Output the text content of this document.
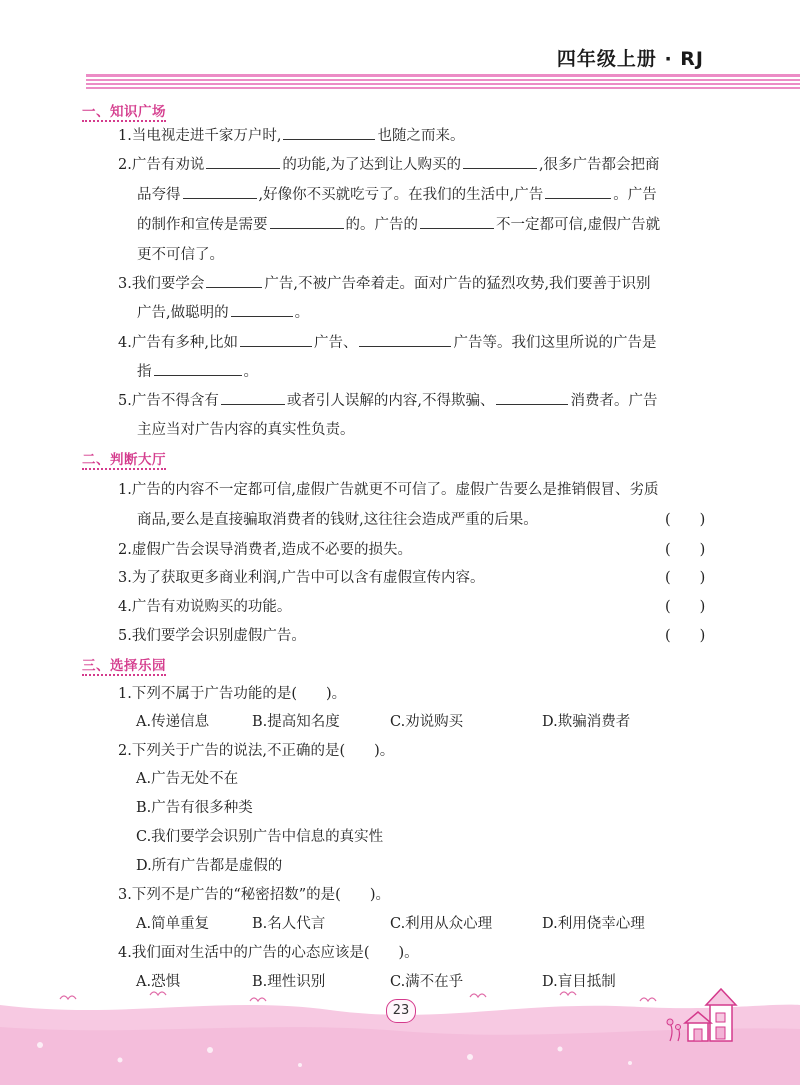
四年级上册 · RJ
一、知识广场
1.当电视走进千家万户时,	也随之而来。
2.广告有劝说	的功能,为了达到让人购买的	,很多广告都会把商
品夸得	,好像你不买就吃亏了。在我们的生活中,广告	。广告
的制作和宣传是需要	的。广告的	不一定都可信,虚假广告就
更不可信了。
3.我们要学会	广告,不被广告牵着走。面对广告的猛烈攻势,我们要善于识别
广告,做聪明的	。
4.广告有多种,比如	广告、	广告等。我们这里所说的广告是
指	。
5.广告不得含有	或者引人误解的内容,不得欺骗、	消费者。广告
主应当对广告内容的真实性负责。
二、判断大厅
1.广告的内容不一定都可信,虚假广告就更不可信了。虚假广告要么是推销假冒、劣质
商品,要么是直接骗取消费者的钱财,这往往会造成严重的后果。	(　　)
2.虚假广告会误导消费者,造成不必要的损失。	(　　)
3.为了获取更多商业利润,广告中可以含有虚假宣传内容。	(　　)
4.广告有劝说购买的功能。	(　　)
5.我们要学会识别虚假广告。	(　　)
三、选择乐园
1.下列不属于广告功能的是(　　)。
A.传递信息	B.提高知名度	C.劝说购买	D.欺骗消费者
2.下列关于广告的说法,不正确的是(　　)。
A.广告无处不在
B.广告有很多种类
C.我们要学会识别广告中信息的真实性
D.所有广告都是虚假的
3.下列不是广告的“秘密招数”的是(　　)。
A.简单重复	B.名人代言	C.利用从众心理	D.利用侥幸心理
4.我们面对生活中的广告的心态应该是(　　)。
A.恐惧	B.理性识别	C.满不在乎	D.盲目抵制
23
